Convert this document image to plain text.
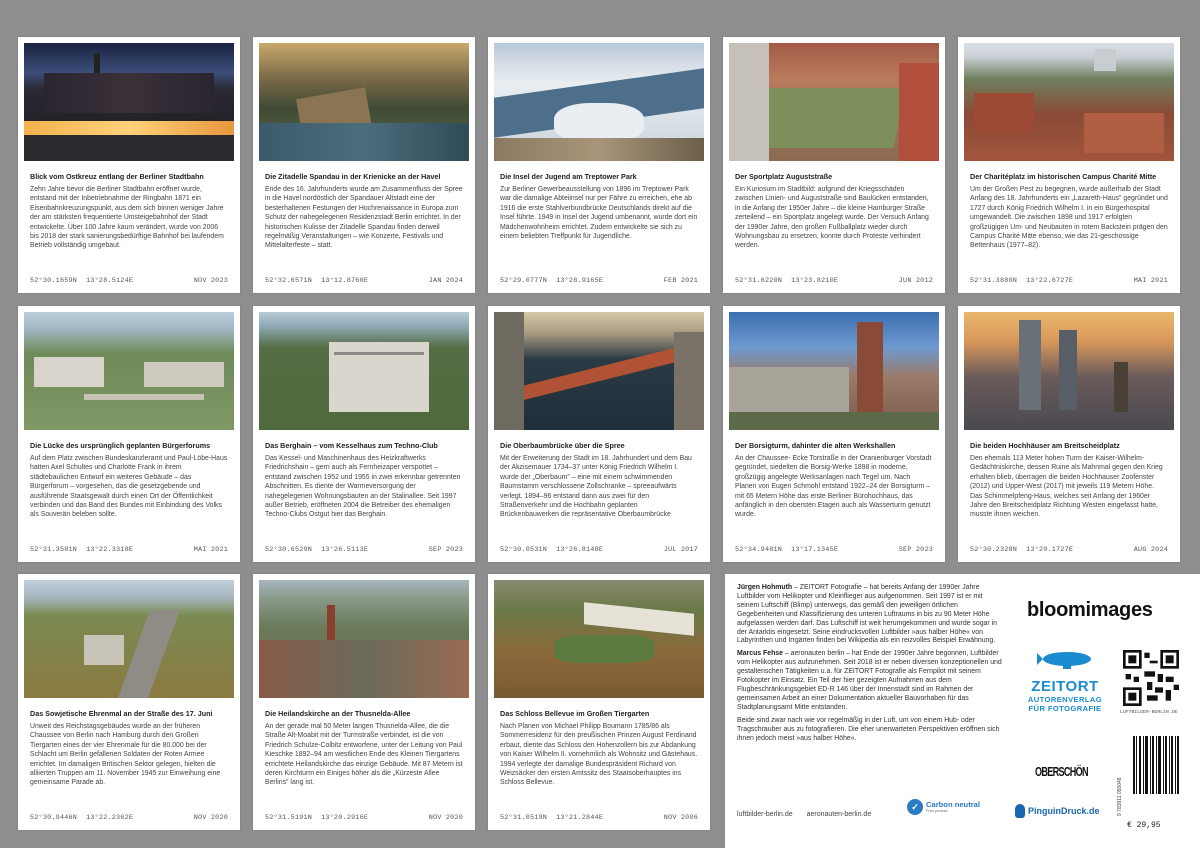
Blick vom Ostkreuz entlang der Berliner Stadtbahn
Zehn Jahre bevor die Berliner Stadtbahn eröffnet wurde, entstand mit der Inbetriebnahme der Ringbahn 1871 ein Eisenbahnkreuzungspunkt, aus dem sich binnen weniger Jahre der am stärksten frequentierte Umsteigebahnhof der Stadt entwickelte. Über 100 Jahre kaum verändert, wurde von 2006 bis 2018 der stark sanierungsbedürftige Bahnhof bei laufendem Betrieb vollständig umgebaut.
52°30.1659N 13°28.5124E	NOV 2023
Die Zitadelle Spandau in der Krienicke an der Havel
Ende des 16. Jahrhunderts wurde am Zusammenfluss der Spree in die Havel nordöstlich der Spandauer Altstadt eine der besterhaltenen Festungen der Hochrenaissance in Europa zum Schutz der nahegelegenen Residenzstadt Berlin errichtet. In der historischen Kulisse der Zitadelle Spandau finden derweil regelmäßig Veranstaltungen – wie Konzerte, Festivals und Mittelalterfeste – statt.
52°32.6571N 13°12.8760E	JAN 2024
Die Insel der Jugend am Treptower Park
Zur Berliner Gewerbeausstellung von 1896 im Treptower Park war die damalige Abteiinsel nur per Fähre zu erreichen, ehe ab 1916 die erste Stahlverbundbrücke Deutschlands direkt auf die Insel führte. 1949 in Insel der Jugend umbenannt, wurde dort ein Mädchenwohnheim errichtet. Zudem entwickelte sie sich zu einem beliebten Treffpunkt für Jugendliche.
52°29.0777N 13°28.9165E	FEB 2021
Der Sportplatz Auguststraße
Ein Kuriosum im Stadtbild: aufgrund der Kriegsschäden zwischen Linien- und Auguststraße sind Baulücken entstanden, in die Anfang der 1950er Jahre – die kleine Hamburger Straße zerteilend – ein Sportplatz angelegt wurde. Der Versuch Anfang der 1990er Jahre, den großen Fußballplatz wieder durch Wohnungsbau zu ersetzen, konnte durch Proteste verhindert werden.
52°31.6220N 13°23.8210E	JUN 2012
Der Charitéplatz im historischen Campus Charité Mitte
Um der Großen Pest zu begegnen, wurde außerhalb der Stadt Anfang des 18. Jahrhunderts ein „Lazareth-Haus" gegründet und 1727 durch König Friedrich Wilhelm I. in ein Bürgerhospital umgewandelt. Die zwischen 1898 und 1917 erfolgten großzügigen Um- und Neubauten in rotem Backstein prägen den Campus Charité Mitte ebenso, wie das 21-geschossige Bettenhaus (1977–82).
52°31.3880N 13°22.6727E	MAI 2021
Die Lücke des ursprünglich geplanten Bürgerforums
Auf dem Platz zwischen Bundeskanzleramt und Paul-Löbe-Haus hatten Axel Schultes und Charlotte Frank in ihrem städtebaulichen Entwurf ein weiteres Gebäude – das Bürgerforum – vorgesehen, das die gesetzgebende und ausführende Staatsgewalt durch einen Ort der Öffentlichkeit verbinden und das Band des Bundes mit Einbindung des Volks als Souverän beleben sollte.
52°31.3581N 13°22.3318E	MAI 2021
Das Berghain – vom Kesselhaus zum Techno-Club
Das Kessel- und Maschinenhaus des Heizkraftwerks Friedrichshain – gern auch als Fernheizaper verspottet – entstand zwischen 1952 und 1955 in zwei erkennbar getrennten Abschnitten. Es diente der Warmeversorgung der nahegelegenen Wohnungsbauten an der Stalinallee. Seit 1997 außer Betrieb, eröffneten 2004 die Betreiber des ehemaligen Techno-Clubs Ostgut hier das Berghain.
52°30.6529N 13°26.5113E	SEP 2023
Die Oberbaumbrücke über die Spree
Mit der Erweiterung der Stadt im 18. Jahrhundert und dem Bau der Akzisemauer 1734–37 unter König Friedrich Wilhelm I. wurde der „Oberbaum" – eine mit einem schwimmenden Baumstamm verschlossene Zollschranke – spreeaufwärts verlegt. 1894–96 entstand dann aus zwei für den Straßenverkehr und die Hochbahn geplanten Brückenbauwerken die repräsentative Oberbaumbrücke
52°30.0531N 13°26.8148E	JUL 2017
Der Borsigturm, dahinter die alten Werkshallen
An der Chaussee- Ecke Torstraße in der Oranienburger Vorstadt gegründet, siedelten die Borsig-Werke 1898 in moderne, großzügig angelegte Werksanlagen nach Tegel um. Nach Planen von Eugen Schmohl entstand 1922–24 der Borsigturm – mit 65 Metern Höhe das erste Berliner Bürohochhaus, das anfänglich in den obersten Etagen auch als Wasserturm genutzt wurde.
52°34.9481N 13°17.1345E	SEP 2023
Die beiden Hochhäuser am Breitscheidplatz
Den ehemals 113 Meter hohen Turm der Kaiser-Wilhelm-Gedächtniskirche, dessen Ruine als Mahnmal gegen den Krieg erhalten blieb, überragen die beiden Hochhauser Zoofenster (2012) und Upper-West (2017) mit jeweils 119 Metern Höhe. Das Schimmelpfeng-Haus, welches seit Anfang der 1960er Jahre den Breitscheidplatz Richtung Westen eingefasst hatte, musste ihnen weichen.
52°30.2328N 13°20.1727E	AUG 2024
Das Sowjetische Ehrenmal an der Straße des 17. Juni
Unweit des Reichstagsgebäudes wurde an der früheren Chaussee von Berlin nach Hamburg durch den Großen Tiergarten eines der vier Ehrenmale für die 80.000 bei der Schlacht um Berlin gefallenen Soldaten der Roten Armee errichtet. Im damaligen Britischen Sektor gelegen, hielten die alliierten Truppen am 11. November 1945 zur Einweihung eine gemeinsame Parade ab.
52°30.9446N 13°22.2362E	NOV 2020
Die Heilandskirche an der Thusnelda-Allee
An der gerade mal 50 Meter langen Thusnelda-Allee, die die Straße Alt-Moabit mit der Turmstraße verbindet, ist die von Friedrich Schulze-Colbitz entworfene, unter der Leitung von Paul Kieschke 1892–94 am westlichen Ende des Kleinen Tiergartens errichtete Heilandskirche das einzige Gebäude. Mit 87 Metern ist deren Kirchturm ein Einiges höher als die „Kürzeste Allee Berlins" lang ist.
52°31.5191N 13°20.2916E	NOV 2020
Das Schloss Bellevue im Großen Tiergarten
Nach Planen von Michael Philipp Boumann 1785/86 als Sommerresidenz für den preußischen Prinzen August Ferdinand erbaut, diente das Schloss den Hohenzollern bis zur Abdankung von Kaiser Wilhelm II. vornehmlich als Wohnsitz und Gästehaus. 1994 verlegte der damalige Bundespräsident Richard von Weizsäcker den ersten Amtssitz des Staatsoberhauptes ins Schloss Bellevue.
52°31.0519N 13°21.2844E	NOV 2006

Jürgen Hohmuth – ZEITORT Fotografie – hat bereits Anfang der 1990er Jahre Luftbilder vom Helikopter und Kleinflieger aus aufgenommen. Seit 1997 ist er mit seinem Luftschiff (Blimp) unterwegs, das gemäß den jeweiligen örtlichen Gegebenheiten und Klassifizierung des unteren Luftraums in bis zu 90 Meter Höhe aufgelassen werden darf. Das Luftschiff ist weit herumgekommen und wurde sogar in der Antarktis eingesetzt. Seine eindrucksvollen Luftbilder »aus halber Höhe« von Labyrinthen und Irrgärten finden bei Wikipedia als ein reizvolles Beispiel Erwähnung.

Marcus Fehse – aeronauten berlin – hat Ende der 1990er Jahre begonnen, Luftbilder vom Helikopter aus aufzunehmen. Seit 2018 ist er neben diversen konzeptionellen und gestalterischen Tätigkeiten u.a. für ZEITORT Fotografie als Fernpilot mit seinem Fotokopter im Einsatz. Ein Teil der hier gezeigten Aufnahmen aus dem Flugbeschränkungsgebiet ED-R 146 über der Innenstadt sind im Rahmen der gemeinsamen Arbeit an einer Dokumentation aktueller Bauvorhaben für das Stadtplanungsamt Mitte entstanden.

Beide sind zwar nach wie vor regelmäßig in der Luft, um von einem Hub- oder Tragschrauber aus zu fotografieren. Die eher unerwarteten Perspektiven eröffnen sich ihnen jedoch meist »aus halber Höhe«.

luftbilder-berlin.de aeronauten-berlin.de
bloomimages
ZEITORT
AUTORENVERLAG
FÜR FOTOGRAFIE	LUFTBILDER-BERLIN.DE
OBERSCHÖN
9 783911 055048
✓ Carbon neutral
Print product	PinguinDruck.de
€ 29,95
